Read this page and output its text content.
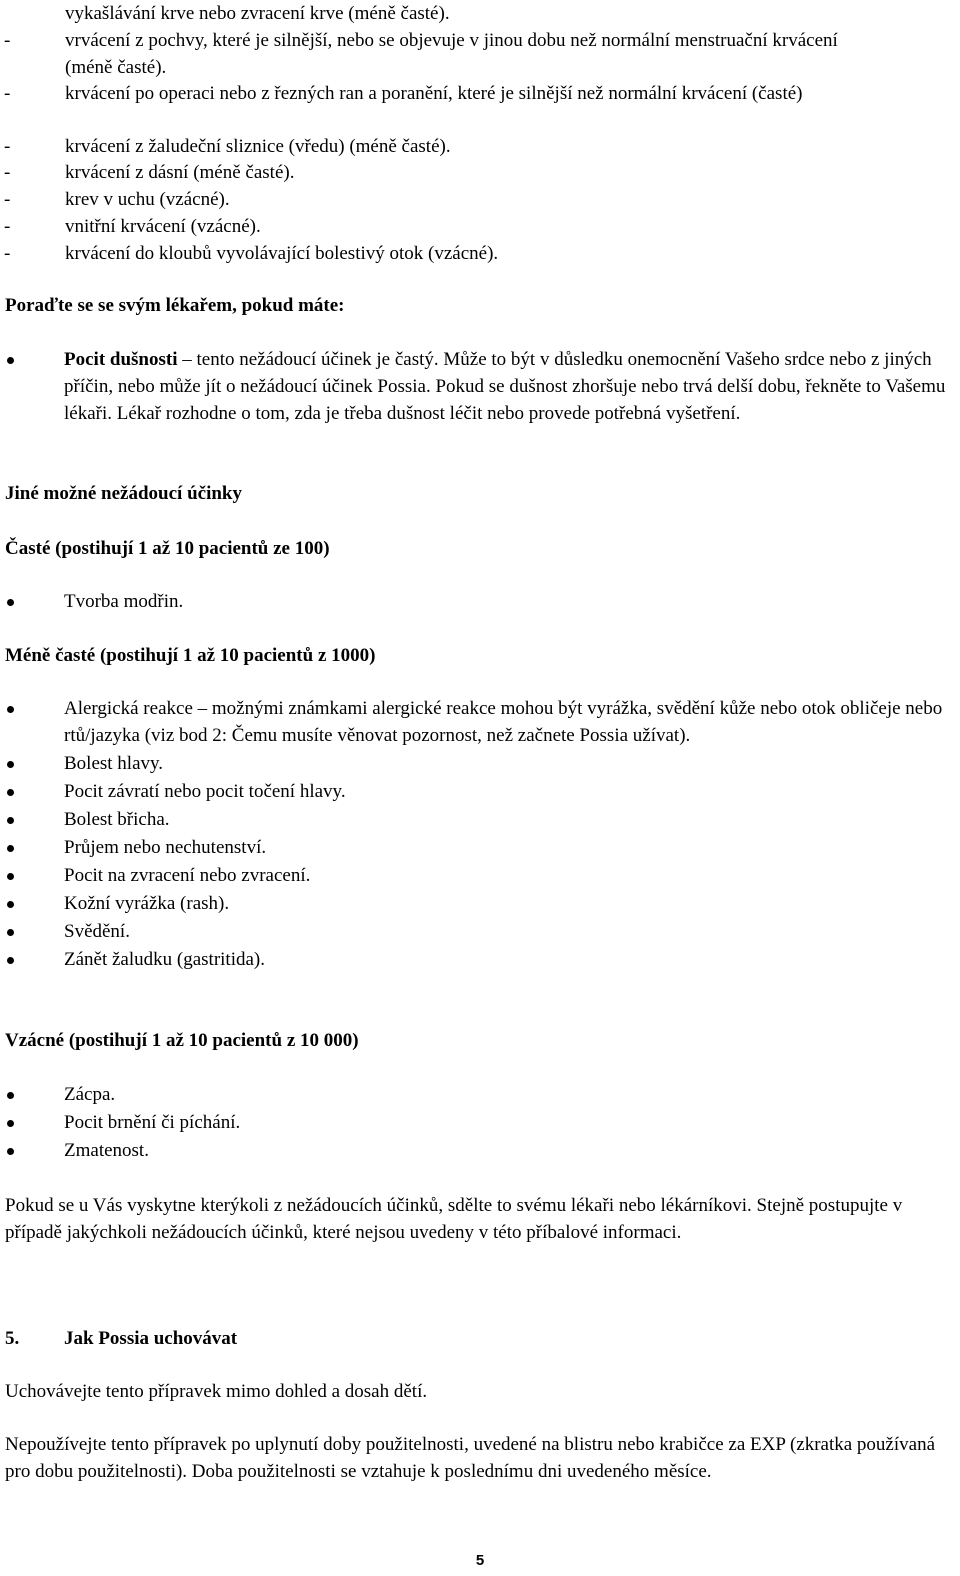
vykašlávání krve nebo zvracení krve (méně časté).
-	vrvácení z pochvy, které je silnější, nebo se objevuje v jinou dobu než normální menstruační krvácení (méně časté).
-	krvácení po operaci nebo z řezných ran a poranění, které je silnější než normální krvácení (časté)
-	krvácení z žaludeční sliznice (vředu) (méně časté).
-	krvácení z dásní (méně časté).
-	krev v uchu (vzácné).
-	vnitřní krvácení (vzácné).
-	krvácení do kloubů vyvolávající bolestivý otok (vzácné).

Poraďte se se svým lékařem, pokud máte:

Pocit dušnosti – tento nežádoucí účinek je častý. Může to být v důsledku onemocnění Vašeho srdce nebo z jiných příčin, nebo může jít o nežádoucí účinek Possia. Pokud se dušnost zhoršuje nebo trvá delší dobu, řekněte to Vašemu lékaři. Lékař rozhodne o tom, zda je třeba dušnost léčit nebo provede potřebná vyšetření.

Jiné možné nežádoucí účinky

Časté (postihují 1 až 10 pacientů ze 100)

Tvorba modřin.

Méně časté (postihují 1 až 10 pacientů z 1000)

Alergická reakce – možnými známkami alergické reakce mohou být vyrážka, svědění kůže nebo otok obličeje nebo rtů/jazyka (viz bod 2: Čemu musíte věnovat pozornost, než začnete Possia užívat).
Bolest hlavy.
Pocit závratí nebo pocit točení hlavy.
Bolest břicha.
Průjem nebo nechutenství.
Pocit na zvracení nebo zvracení.
Kožní vyrážka (rash).
Svědění.
Zánět žaludku (gastritida).

Vzácné (postihují 1 až 10 pacientů z 10 000)

Zácpa.
Pocit brnění či píchání.
Zmatenost.

Pokud se u Vás vyskytne kterýkoli z nežádoucích účinků, sdělte to svému lékaři nebo lékárníkovi. Stejně postupujte v případě jakýchkoli nežádoucích účinků, které nejsou uvedeny v této příbalové informaci.

5. Jak Possia uchovávat

Uchovávejte tento přípravek mimo dohled a dosah dětí.

Nepoužívejte tento přípravek po uplynutí doby použitelnosti, uvedené na blistru nebo krabičce za EXP (zkratka používaná pro dobu použitelnosti). Doba použitelnosti se vztahuje k poslednímu dni uvedeného měsíce.

5
